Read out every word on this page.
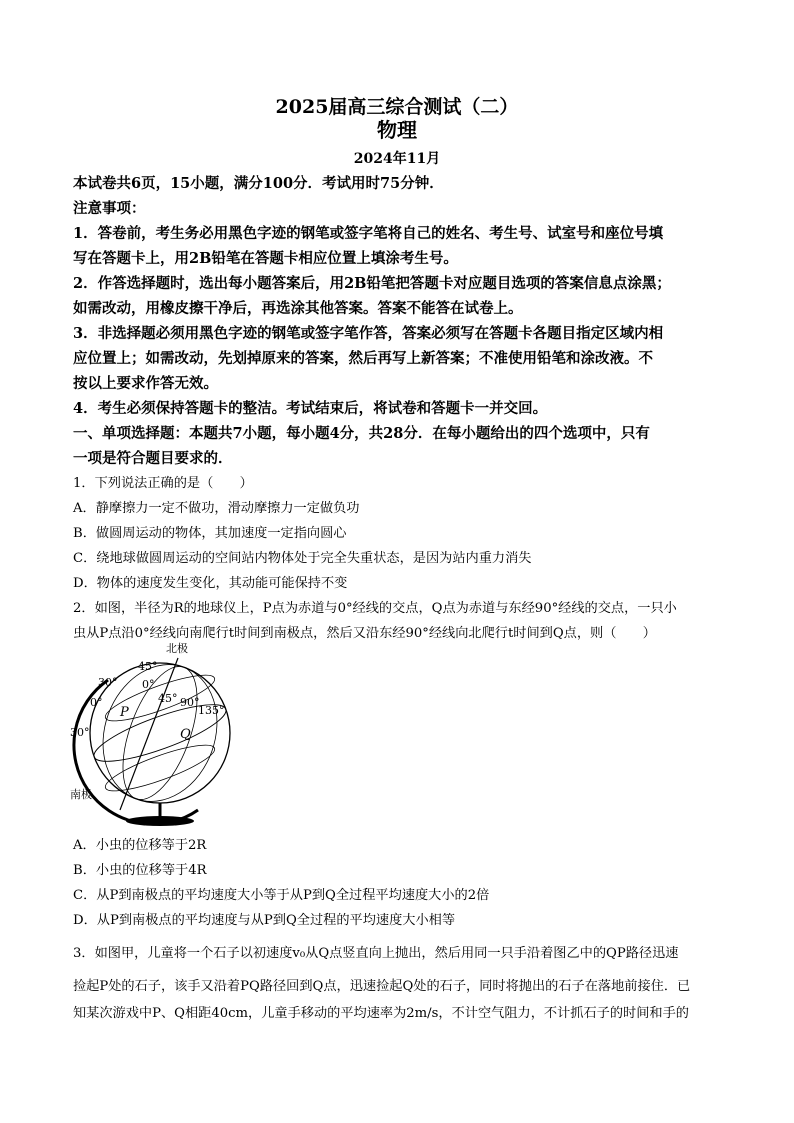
2025届高三综合测试（二）
物理
2024年11月
本试卷共6页，15小题，满分100分．考试用时75分钟．
注意事项：
1．答卷前，考生务必用黑色字迹的钢笔或签字笔将自己的姓名、考生号、试室号和座位号填
写在答题卡上，用2B铅笔在答题卡相应位置上填涂考生号。
2．作答选择题时，选出每小题答案后，用2B铅笔把答题卡对应题目选项的答案信息点涂黑；
如需改动，用橡皮擦干净后，再选涂其他答案。答案不能答在试卷上。
3．非选择题必须用黑色字迹的钢笔或签字笔作答，答案必须写在答题卡各题目指定区域内相
应位置上；如需改动，先划掉原来的答案，然后再写上新答案；不准使用铅笔和涂改液。不
按以上要求作答无效。
4．考生必须保持答题卡的整洁。考试结束后，将试卷和答题卡一并交回。
一、单项选择题：本题共7小题，每小题4分，共28分．在每小题给出的四个选项中，只有
一项是符合题目要求的．
1．下列说法正确的是（　　）
A．静摩擦力一定不做功，滑动摩擦力一定做负功
B．做圆周运动的物体，其加速度一定指向圆心
C．绕地球做圆周运动的空间站内物体处于完全失重状态，是因为站内重力消失
D．物体的速度发生变化，其动能可能保持不变
2．如图，半径为R的地球仪上，P点为赤道与0°经线的交点，Q点为赤道与东经90°经线的交点，一只小
虫从P点沿0°经线向南爬行t时间到南极点，然后又沿东经90°经线向北爬行t时间到Q点，则（　　）
北极
南极
45°
30°
0°
30°
0°
45° 90°
135°
P
Q
A．小虫的位移等于2R
B．小虫的位移等于4R
C．从P到南极点的平均速度大小等于从P到Q全过程平均速度大小的2倍
D．从P到南极点的平均速度与从P到Q全过程的平均速度大小相等
3．如图甲，儿童将一个石子以初速度v₀从Q点竖直向上抛出，然后用同一只手沿着图乙中的QP路径迅速
捡起P处的石子，该手又沿着PQ路径回到Q点，迅速捡起Q处的石子，同时将抛出的石子在落地前接住．已
知某次游戏中P、Q相距40cm，儿童手移动的平均速率为2m/s，不计空气阻力，不计抓石子的时间和手的
